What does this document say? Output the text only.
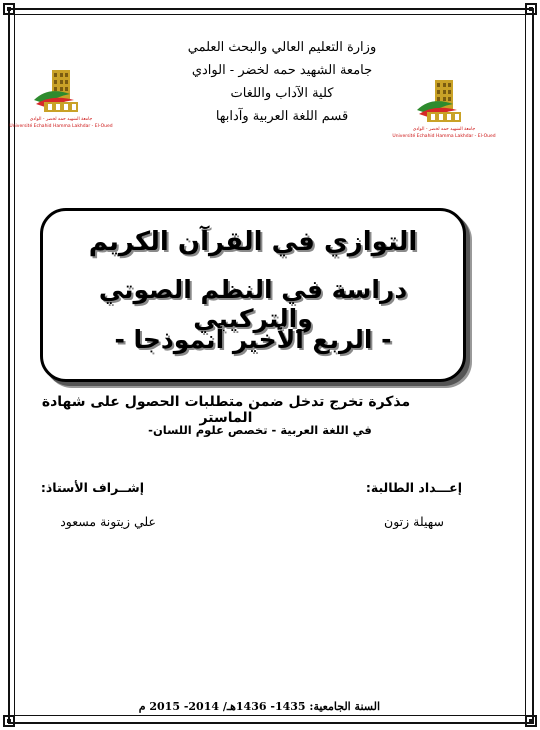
جامعة الشهيد حمه لخضر - الوادي
Université Echahid Hamma Lakhdar - El-Oued
جامعة الشهيد حمه لخضر - الوادي
Université Echahid Hamma Lakhdar - El-Oued
وزارة التعليم العالي والبحث العلمي
جامعة الشهيد حمه لخضر - الوادي
كلية الآداب واللغات
قسم اللغة العربية وآدابها
التوازي في القرآن الكريم
دراسة في النظم الصوتي والتركيبي
- الربع الأخير أنموذجا -
مذكرة تخرج تدخل ضمن متطلبات الحصول على شهادة الماستر
في اللغة العربية - تخصص علوم اللسان-
إعـــداد الطالبة:
إشــراف الأستاذ:
سهيلة زتون
علي زيتونة مسعود
السنة الجامعية: 1435- 1436هـ/ 2014- 2015 م
